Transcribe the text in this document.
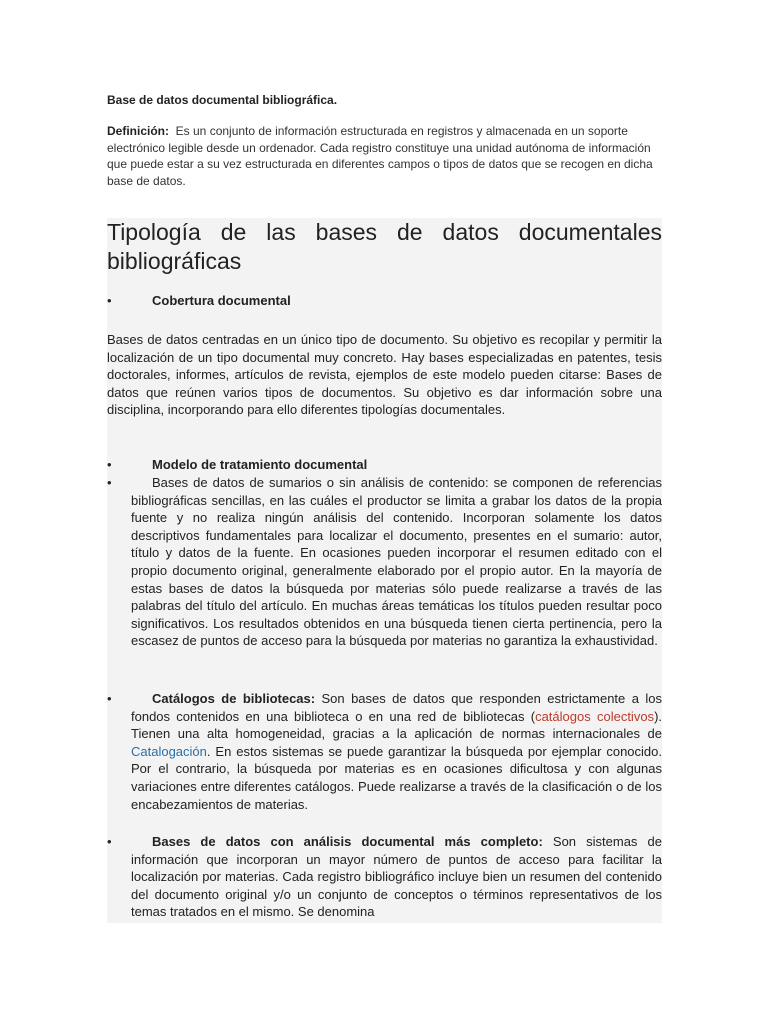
Base de datos documental bibliográfica.
Definición: Es un conjunto de información estructurada en registros y almacenada en un soporte electrónico legible desde un ordenador. Cada registro constituye una unidad autónoma de información que puede estar a su vez estructurada en diferentes campos o tipos de datos que se recogen en dicha base de datos.
Tipología de las bases de datos documentales bibliográficas
•	Cobertura documental
Bases de datos centradas en un único tipo de documento. Su objetivo es recopilar y permitir la localización de un tipo documental muy concreto. Hay bases especializadas en patentes, tesis doctorales, informes, artículos de revista, ejemplos de este modelo pueden citarse: Bases de datos que reúnen varios tipos de documentos. Su objetivo es dar información sobre una disciplina, incorporando para ello diferentes tipologías documentales.
•	Modelo de tratamiento documental
•	Bases de datos de sumarios o sin análisis de contenido: se componen de referencias bibliográficas sencillas, en las cuáles el productor se limita a grabar los datos de la propia fuente y no realiza ningún análisis del contenido. Incorporan solamente los datos descriptivos fundamentales para localizar el documento, presentes en el sumario: autor, título y datos de la fuente. En ocasiones pueden incorporar el resumen editado con el propio documento original, generalmente elaborado por el propio autor. En la mayoría de estas bases de datos la búsqueda por materias sólo puede realizarse a través de las palabras del título del artículo. En muchas áreas temáticas los títulos pueden resultar poco significativos. Los resultados obtenidos en una búsqueda tienen cierta pertinencia, pero la escasez de puntos de acceso para la búsqueda por materias no garantiza la exhaustividad.
•	Catálogos de bibliotecas: Son bases de datos que responden estrictamente a los fondos contenidos en una biblioteca o en una red de bibliotecas (catálogos colectivos). Tienen una alta homogeneidad, gracias a la aplicación de normas internacionales de Catalogación. En estos sistemas se puede garantizar la búsqueda por ejemplar conocido. Por el contrario, la búsqueda por materias es en ocasiones dificultosa y con algunas variaciones entre diferentes catálogos. Puede realizarse a través de la clasificación o de los encabezamientos de materias.
•	Bases de datos con análisis documental más completo: Son sistemas de información que incorporan un mayor número de puntos de acceso para facilitar la localización por materias. Cada registro bibliográfico incluye bien un resumen del contenido del documento original y/o un conjunto de conceptos o términos representativos de los temas tratados en el mismo. Se denomina
